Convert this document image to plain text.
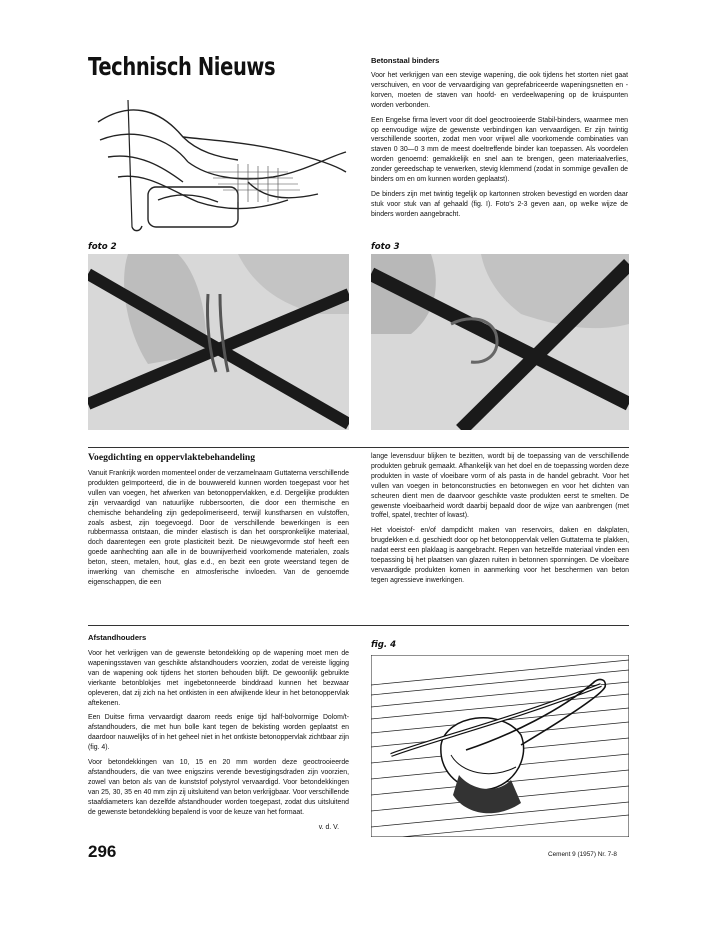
Technisch Nieuws	Betonstaal binders

Voor het verkrijgen van een stevige wapening, die ook tijdens het storten niet gaat verschuiven, en voor de vervaardiging van geprefabriceerde wapeningsnetten en -korven, moeten de staven van hoofd- en verdeelwapening op de kruispunten worden verbonden.

Een Engelse firma levert voor dit doel geoctrooieerde Stabil-binders, waarmee men op eenvoudige wijze de gewenste verbindingen kan vervaardigen. Er zijn twintig verschillende soorten, zodat men voor vrijwel alle voorkomende combinaties van staven 0 30—0 3 mm de meest doeltreffende binder kan toepassen. Als voordelen worden genoemd: gemakkelijk en snel aan te brengen, geen materiaalverlies, zonder gereedschap te verwerken, stevig klemmend (zodat in sommige gevallen de binders om en om kunnen worden geplaatst).

De binders zijn met twintig tegelijk op kartonnen stroken bevestigd en worden daar stuk voor stuk van af gehaald (fig. I). Foto's 2-3 geven aan, op welke wijze de binders worden aangebracht.

foto 2	foto 3
Voegdichting en oppervlaktebehandeling

Vanuit Frankrijk worden momenteel onder de verzamelnaam Guttaterna verschillende produkten geïmporteerd, die in de bouwwereld kunnen worden toegepast voor het vullen van voegen, het afwerken van betonoppervlakken, e.d. Dergelijke produkten zijn vervaardigd van natuurlijke rubbersoorten, die door een thermische en chemische behandeling zijn gedepolimeriseerd, terwijl kunstharsen en vulstoffen, zoals asbest, zijn toegevoegd. Door de verschillende bewerkingen is een rubbermassa ontstaan, die minder elastisch is dan het oorspronkelijke materiaal, doch daarentegen een grote plasticiteit bezit. De nieuwgevormde stof heeft een goede aanhechting aan alle in de bouwnijverheid voorkomende materialen, zoals beton, steen, metalen, hout, glas e.d., en bezit een grote weerstand tegen de inwerking van chemische en atmosferische invloeden. Van de genoemde eigenschappen, die een

lange levensduur blijken te bezitten, wordt bij de toepassing van de verschillende produkten gebruik gemaakt. Afhankelijk van het doel en de toepassing worden deze produkten in vaste of vloeibare vorm of als pasta in de handel gebracht. Voor het vullen van voegen in betonconstructies en betonwegen en voor het dichten van scheuren dient men de daarvoor geschikte vaste produkten eerst te smelten. De gewenste vloeibaarheid wordt daarbij bepaald door de wijze van aanbrengen (met troffel, spatel, trechter of kwast).

Het vloeistof- en/of dampdicht maken van reservoirs, daken en dakplaten, brugdekken e.d. geschiedt door op het betonoppervlak vellen Guttaterna te plakken, nadat eerst een plaklaag is aangebracht. Repen van hetzelfde materiaal vinden een toepassing bij het plaatsen van glazen ruiten in betonnen sponningen. De vloeibare vervaardigde produkten komen in aanmerking voor het beschermen van beton tegen agressieve inwerkingen.

Afstandhouders

Voor het verkrijgen van de gewenste betondekking op de wapening moet men de wapeningsstaven van geschikte afstandhouders voorzien, zodat de vereiste ligging van de wapening ook tijdens het storten behouden blijft. De gewoonlijk gebruikte vierkante betonblokjes met ingebetonneerde binddraad kunnen het bezwaar opleveren, dat zij zich na het ontkisten in een afwijkende kleur in het betonoppervlak aftekenen.

Een Duitse firma vervaardigt daarom reeds enige tijd half-bolvormige Dolom/t-afstandhouders, die met hun bolle kant tegen de bekisting worden geplaatst en daardoor nauwelijks of in het geheel niet in het ontkiste betonoppervlak zichtbaar zijn (fig. 4).

Voor betondekkingen van 10, 15 en 20 mm worden deze geoctrooieerde afstandhouders, die van twee enigszins verende bevestigingsdraden zijn voorzien, zowel van beton als van de kunststof polystyrol vervaardigd. Voor betondekkingen van 25, 30, 35 en 40 mm zijn zij uitsluitend van beton verkrijgbaar. Voor verschillende staafdiameters kan dezelfde afstandhouder worden toegepast, zodat dus uitsluitend de gewenste betondekking bepalend is voor de keuze van het formaat.

v. d. V.
fig. 4
296	Cement 9 (1957) Nr. 7-8
